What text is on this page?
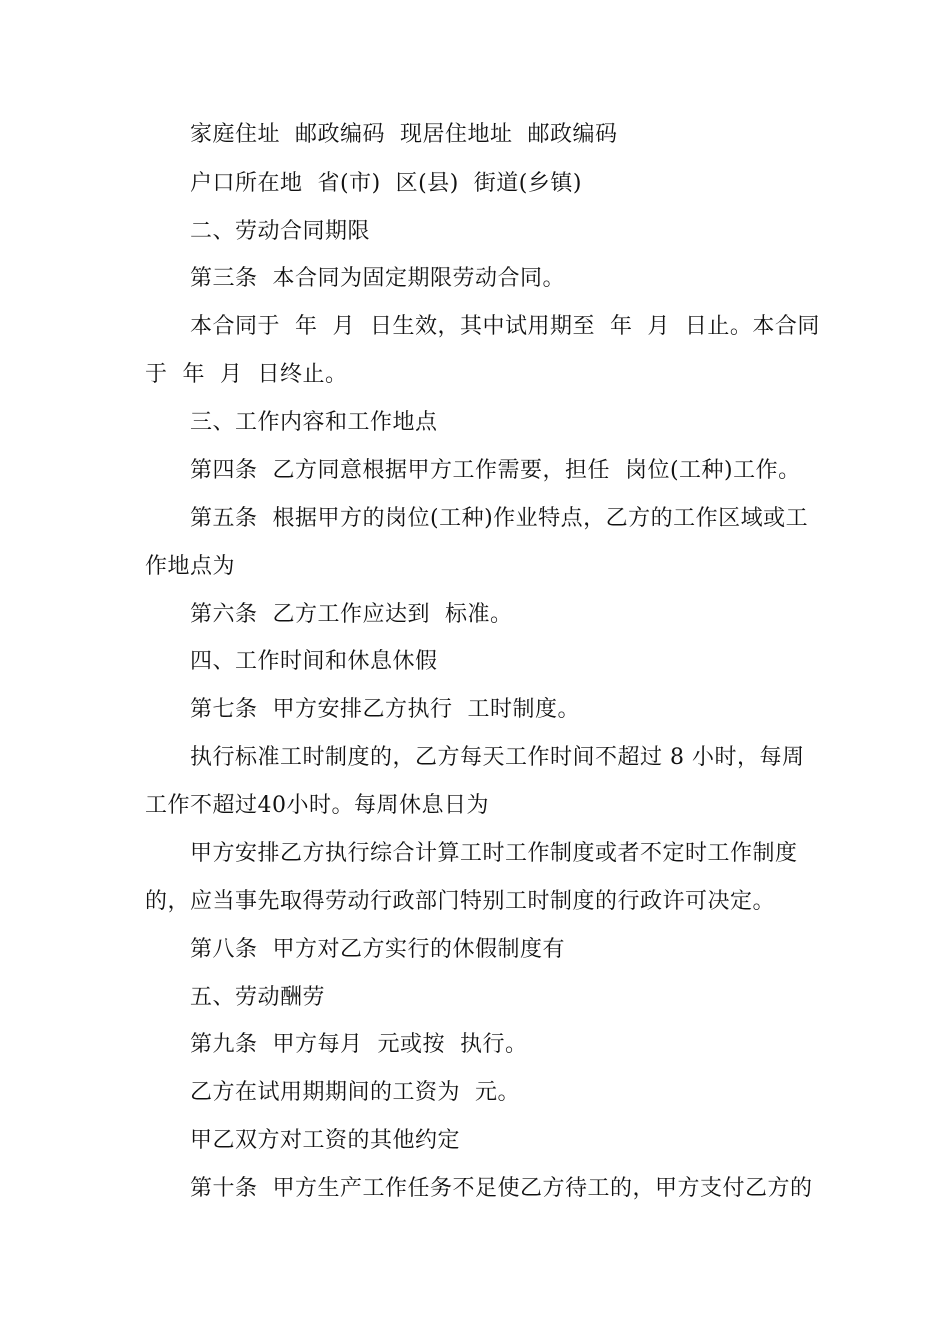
家庭住址  邮政编码  现居住地址  邮政编码
户口所在地  省(市)  区(县)  街道(乡镇)
二、劳动合同期限
第三条  本合同为固定期限劳动合同。
本合同于  年  月  日生效，其中试用期至  年  月  日止。本合同
于  年  月  日终止。
三、工作内容和工作地点
第四条  乙方同意根据甲方工作需要，担任  岗位(工种)工作。
第五条  根据甲方的岗位(工种)作业特点，乙方的工作区域或工
作地点为
第六条  乙方工作应达到  标准。
四、工作时间和休息休假
第七条  甲方安排乙方执行  工时制度。
执行标准工时制度的，乙方每天工作时间不超过 8 小时，每周
工作不超过40小时。每周休息日为
甲方安排乙方执行综合计算工时工作制度或者不定时工作制度
的，应当事先取得劳动行政部门特别工时制度的行政许可决定。
第八条  甲方对乙方实行的休假制度有
五、劳动酬劳
第九条  甲方每月  元或按  执行。
乙方在试用期期间的工资为  元。
甲乙双方对工资的其他约定
第十条  甲方生产工作任务不足使乙方待工的，甲方支付乙方的
